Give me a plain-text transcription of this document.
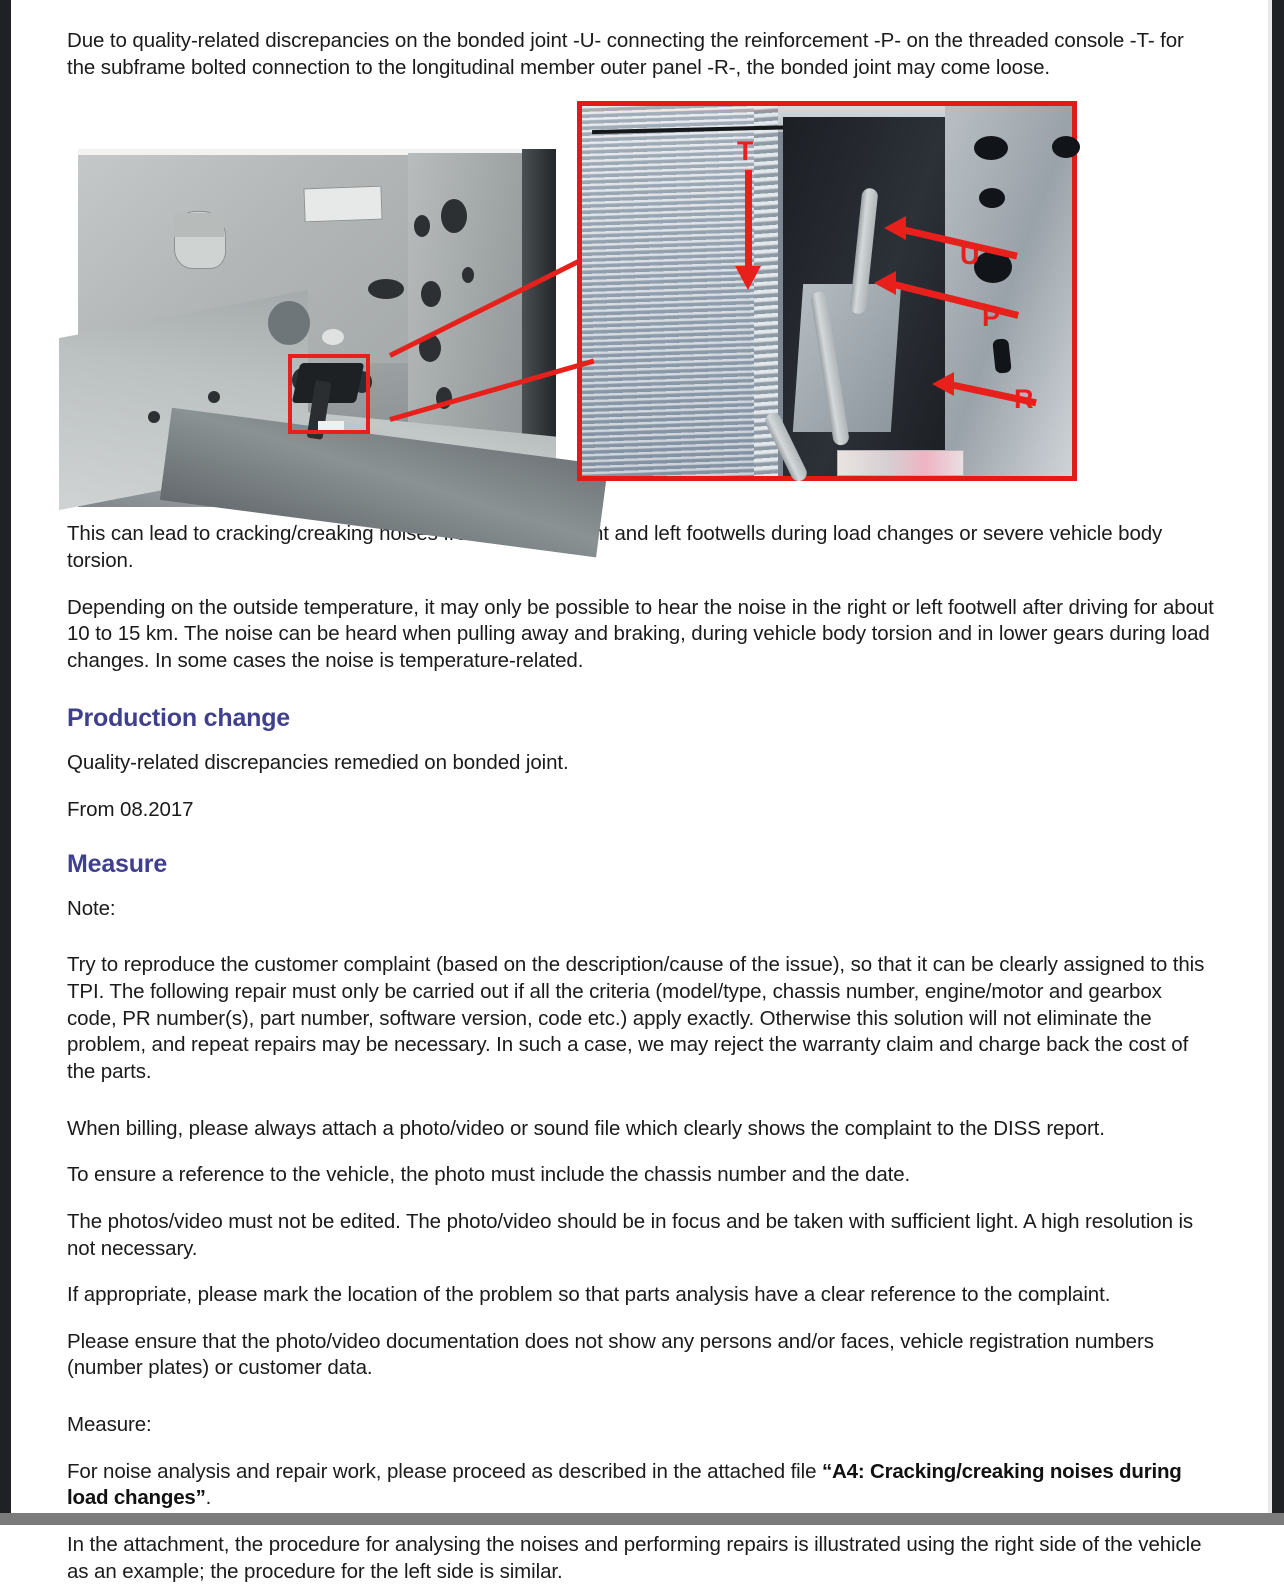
Due to quality-related discrepancies on the bonded joint -U- connecting the reinforcement -P- on the threaded console -T- for the subframe bolted connection to the longitudinal member outer panel -R-, the bonded joint may come loose.

T
U
P
R

This can lead to cracking/creaking noises from the front right and left footwells during load changes or severe vehicle body torsion.

Depending on the outside temperature, it may only be possible to hear the noise in the right or left footwell after driving for about 10 to 15 km. The noise can be heard when pulling away and braking, during vehicle body torsion and in lower gears during load changes. In some cases the noise is temperature-related.

Production change

Quality-related discrepancies remedied on bonded joint.

From 08.2017

Measure

Note:

Try to reproduce the customer complaint (based on the description/cause of the issue), so that it can be clearly assigned to this TPI. The following repair must only be carried out if all the criteria (model/type, chassis number, engine/motor and gearbox code, PR number(s), part number, software version, code etc.) apply exactly. Otherwise this solution will not eliminate the problem, and repeat repairs may be necessary. In such a case, we may reject the warranty claim and charge back the cost of the parts.

When billing, please always attach a photo/video or sound file which clearly shows the complaint to the DISS report.

To ensure a reference to the vehicle, the photo must include the chassis number and the date.

The photos/video must not be edited. The photo/video should be in focus and be taken with sufficient light. A high resolution is not necessary.

If appropriate, please mark the location of the problem so that parts analysis have a clear reference to the complaint.

Please ensure that the photo/video documentation does not show any persons and/or faces, vehicle registration numbers (number plates) or customer data.

Measure:

For noise analysis and repair work, please proceed as described in the attached file “A4: Cracking/creaking noises during load changes”.

In the attachment, the procedure for analysing the noises and performing repairs is illustrated using the right side of the vehicle as an example; the procedure for the left side is similar.
